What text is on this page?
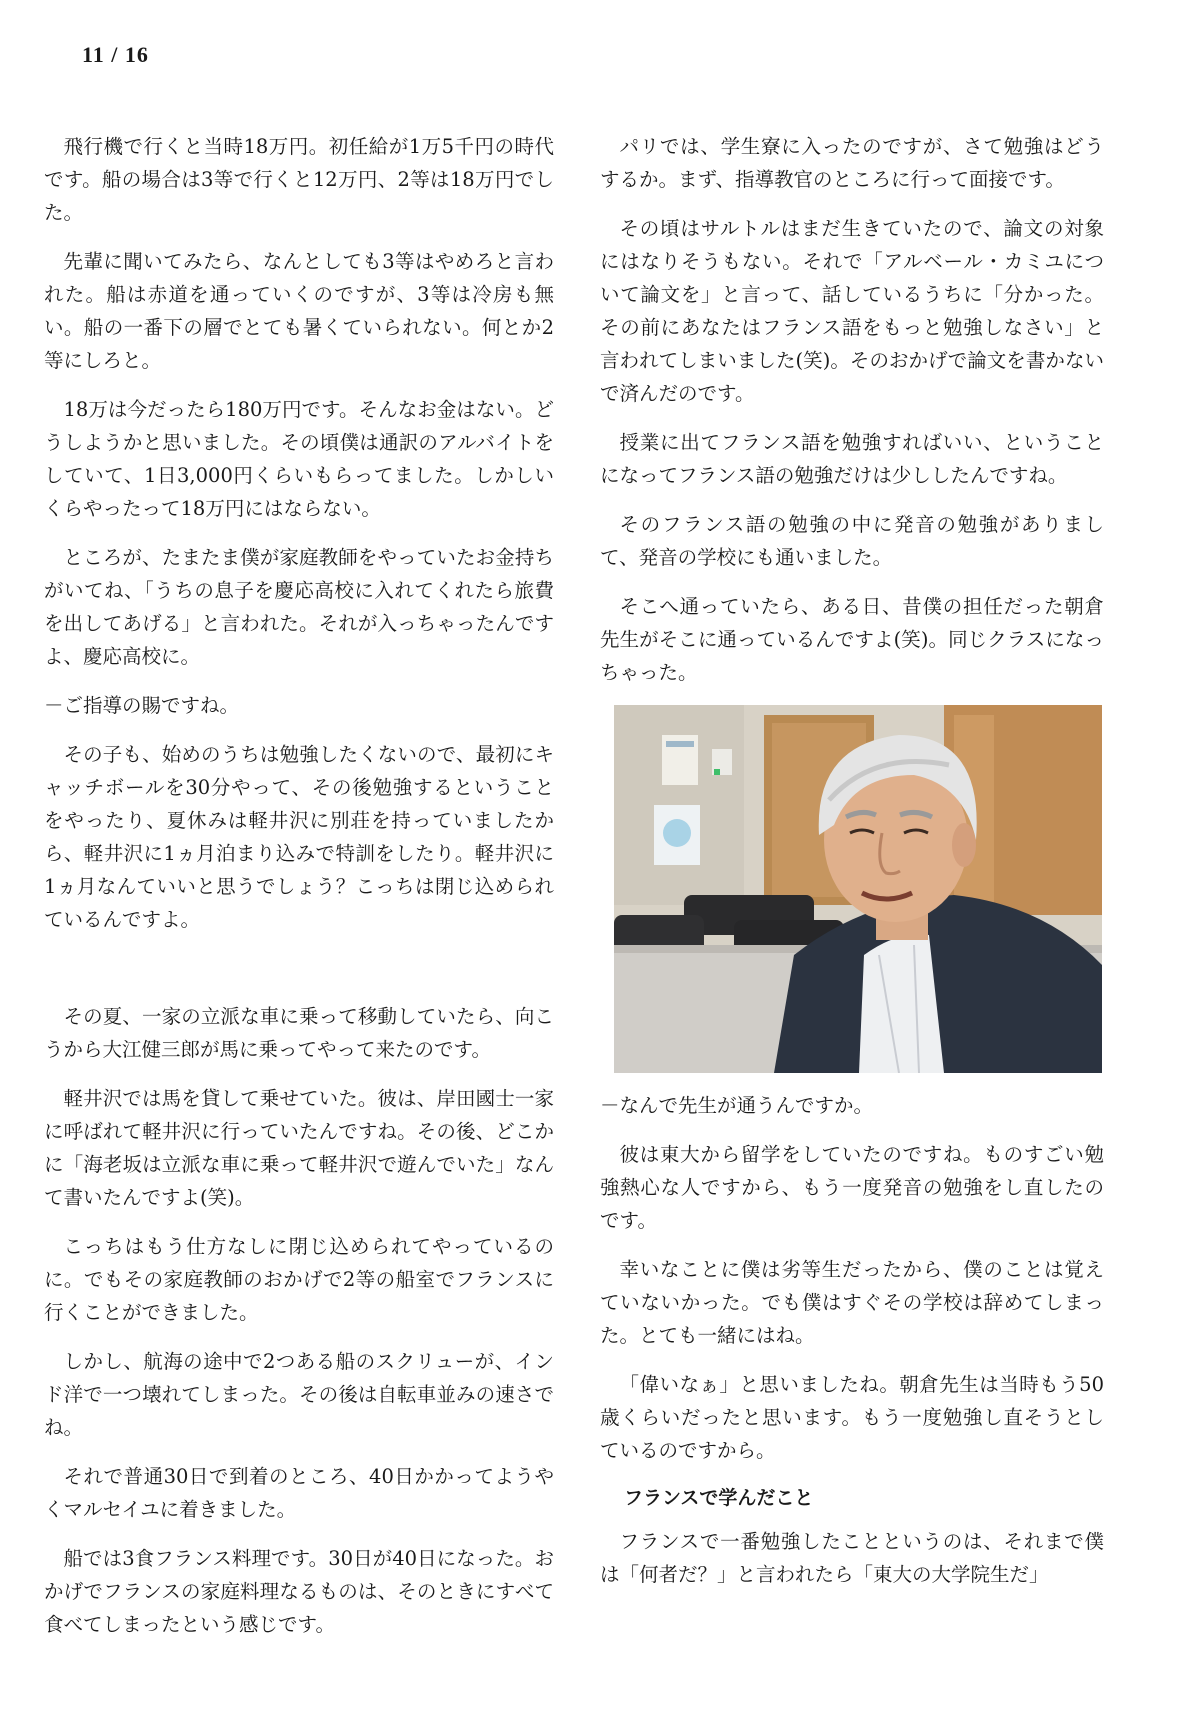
11 / 16

飛行機で行くと当時18万円。初任給が1万5千円の時代です。船の場合は3等で行くと12万円、2等は18万円でした。

先輩に聞いてみたら、なんとしても3等はやめろと言われた。船は赤道を通っていくのですが、3等は冷房も無い。船の一番下の層でとても暑くていられない。何とか2等にしろと。

18万は今だったら180万円です。そんなお金はない。どうしようかと思いました。その頃僕は通訳のアルバイトをしていて、1日3,000円くらいもらってました。しかしいくらやったって18万円にはならない。

ところが、たまたま僕が家庭教師をやっていたお金持ちがいてね、「うちの息子を慶応高校に入れてくれたら旅費を出してあげる」と言われた。それが入っちゃったんですよ、慶応高校に。

－ご指導の賜ですね。

その子も、始めのうちは勉強したくないので、最初にキャッチボールを30分やって、その後勉強するということをやったり、夏休みは軽井沢に別荘を持っていましたから、軽井沢に1ヵ月泊まり込みで特訓をしたり。軽井沢に1ヵ月なんていいと思うでしょう？こっちは閉じ込められているんですよ。

その夏、一家の立派な車に乗って移動していたら、向こうから大江健三郎が馬に乗ってやって来たのです。

軽井沢では馬を貸して乗せていた。彼は、岸田國士一家に呼ばれて軽井沢に行っていたんですね。その後、どこかに「海老坂は立派な車に乗って軽井沢で遊んでいた」なんて書いたんですよ(笑)。

こっちはもう仕方なしに閉じ込められてやっているのに。でもその家庭教師のおかげで2等の船室でフランスに行くことができました。

しかし、航海の途中で2つある船のスクリューが、インド洋で一つ壊れてしまった。その後は自転車並みの速さでね。

それで普通30日で到着のところ、40日かかってようやくマルセイユに着きました。

船では3食フランス料理です。30日が40日になった。おかげでフランスの家庭料理なるものは、そのときにすべて食べてしまったという感じです。

パリでは、学生寮に入ったのですが、さて勉強はどうするか。まず、指導教官のところに行って面接です。

その頃はサルトルはまだ生きていたので、論文の対象にはなりそうもない。それで「アルベール・カミユについて論文を」と言って、話しているうちに「分かった。その前にあなたはフランス語をもっと勉強しなさい」と言われてしまいました(笑)。そのおかげで論文を書かないで済んだのです。

授業に出てフランス語を勉強すればいい、ということになってフランス語の勉強だけは少ししたんですね。

そのフランス語の勉強の中に発音の勉強がありまして、発音の学校にも通いました。

そこへ通っていたら、ある日、昔僕の担任だった朝倉先生がそこに通っているんですよ(笑)。同じクラスになっちゃった。

－なんで先生が通うんですか。

彼は東大から留学をしていたのですね。ものすごい勉強熱心な人ですから、もう一度発音の勉強をし直したのです。

幸いなことに僕は劣等生だったから、僕のことは覚えていないかった。でも僕はすぐその学校は辞めてしまった。とても一緒にはね。

「偉いなぁ」と思いましたね。朝倉先生は当時もう50歳くらいだったと思います。もう一度勉強し直そうとしているのですから。

フランスで学んだこと

フランスで一番勉強したことというのは、それまで僕は「何者だ？」と言われたら「東大の大学院生だ」
